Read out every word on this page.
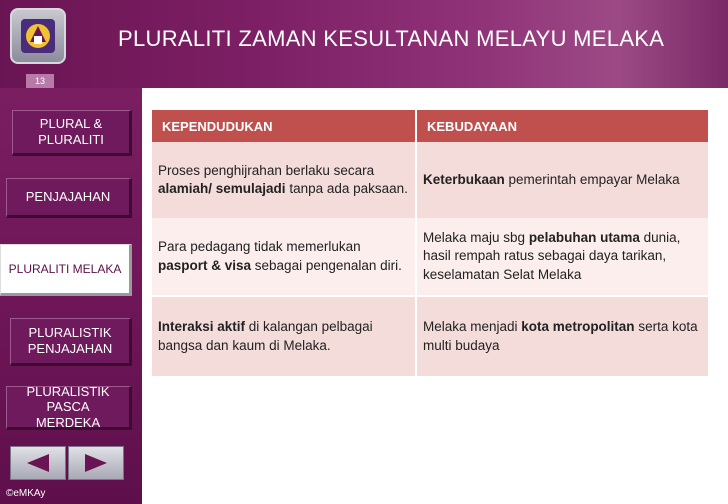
PLURALITI ZAMAN KESULTANAN MELAYU MELAKA
13
PLURAL & PLURALITI
PENJAJAHAN
PLURALITI MELAKA
PLURALISTIK PENJAJAHAN
PLURALISTIK PASCA MERDEKA
©eMKAy
KEPENDUDUKAN	KEBUDAYAAN
Proses penghijrahan berlaku secara alamiah/ semulajadi tanpa ada paksaan.	Keterbukaan pemerintah empayar Melaka
Para pedagang tidak memerlukan pasport & visa sebagai pengenalan diri.	Melaka maju sbg pelabuhan utama dunia, hasil rempah ratus sebagai daya tarikan, keselamatan Selat Melaka
Interaksi aktif di kalangan pelbagai bangsa dan kaum di Melaka.	Melaka menjadi kota metropolitan serta kota multi budaya
